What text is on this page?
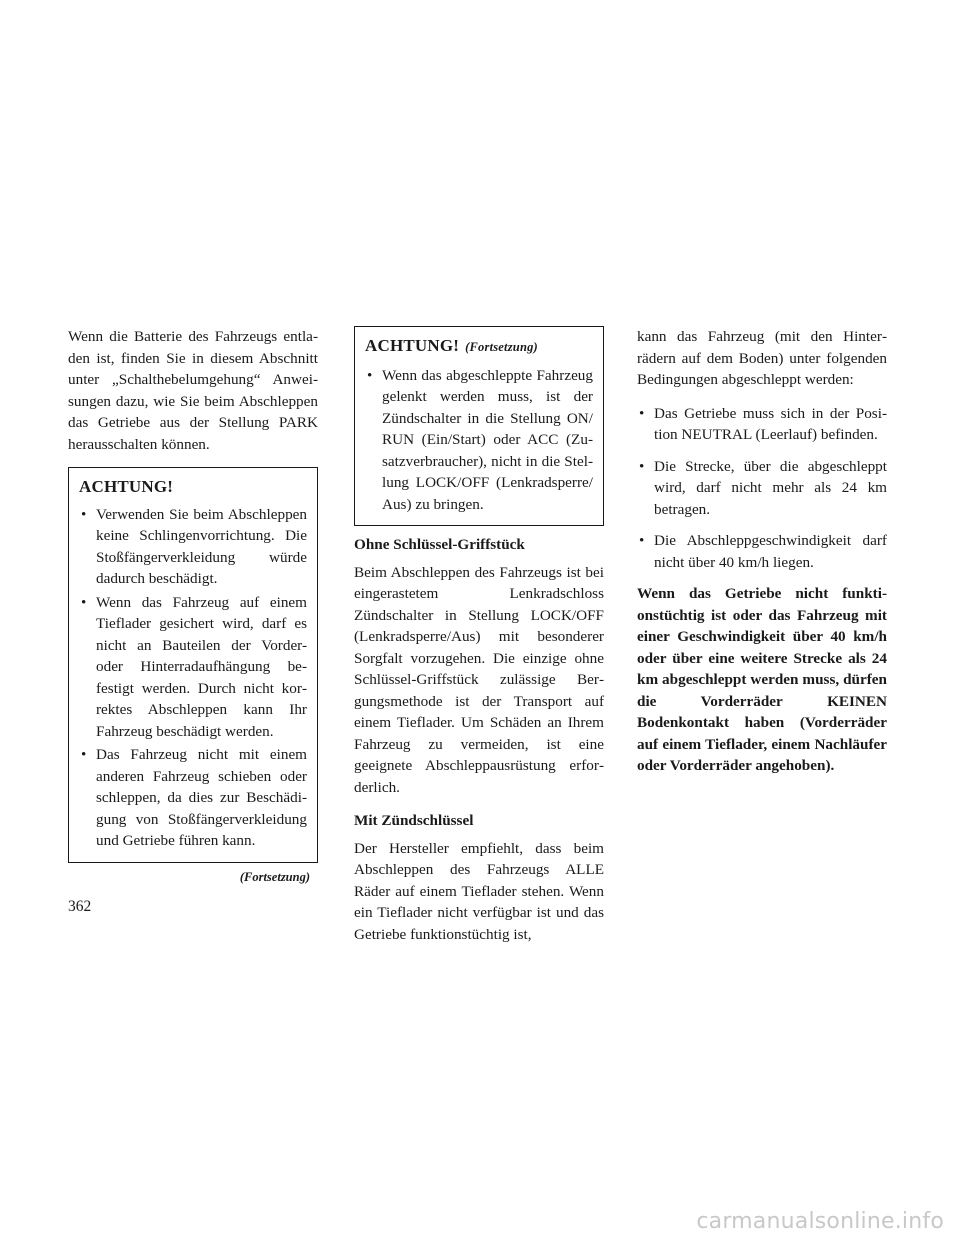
Wenn die Batterie des Fahrzeugs entladen ist, finden Sie in diesem Abschnitt unter „Schalthebelumgehung“ Anweisungen dazu, wie Sie beim Abschleppen das Getriebe aus der Stellung PARK herausschalten können.

ACHTUNG!
• Verwenden Sie beim Abschleppen keine Schlingenvorrichtung. Die Stoßfängerverkleidung würde dadurch beschädigt.
• Wenn das Fahrzeug auf einem Tieflader gesichert wird, darf es nicht an Bauteilen der Vorder- oder Hinterradaufhängung befestigt werden. Durch nicht korrektes Abschleppen kann Ihr Fahrzeug beschädigt werden.
• Das Fahrzeug nicht mit einem anderen Fahrzeug schieben oder schleppen, da dies zur Beschädigung von Stoßfängerverkleidung und Getriebe führen kann.
(Fortsetzung)
ACHTUNG! (Fortsetzung)
• Wenn das abgeschleppte Fahrzeug gelenkt werden muss, ist der Zündschalter in die Stellung ON/ RUN (Ein/Start) oder ACC (Zusatzverbraucher), nicht in die Stellung LOCK/OFF (Lenkradsperre/ Aus) zu bringen.
Ohne Schlüssel-Griffstück

Beim Abschleppen des Fahrzeugs ist bei eingerastetem Lenkradschloss Zündschalter in Stellung LOCK/OFF (Lenkradsperre/Aus) mit besonderer Sorgfalt vorzugehen. Die einzige ohne Schlüssel-Griffstück zulässige Bergungsmethode ist der Transport auf einem Tieflader. Um Schäden an Ihrem Fahrzeug zu vermeiden, ist eine geeignete Abschleppausrüstung erforderlich.

Mit Zündschlüssel

Der Hersteller empfiehlt, dass beim Abschleppen des Fahrzeugs ALLE Räder auf einem Tieflader stehen. Wenn ein Tieflader nicht verfügbar ist und das Getriebe funktionstüchtig ist,

kann das Fahrzeug (mit den Hinterrädern auf dem Boden) unter folgenden Bedingungen abgeschleppt werden:

• Das Getriebe muss sich in der Position NEUTRAL (Leerlauf) befinden.
• Die Strecke, über die abgeschleppt wird, darf nicht mehr als 24 km betragen.
• Die Abschleppgeschwindigkeit darf nicht über 40 km/h liegen.

Wenn das Getriebe nicht funktionstüchtig ist oder das Fahrzeug mit einer Geschwindigkeit über 40 km/h oder über eine weitere Strecke als 24 km abgeschleppt werden muss, dürfen die Vorderräder KEINEN Bodenkontakt haben (Vorderräder auf einem Tieflader, einem Nachläufer oder Vorderräder angehoben).

362
carmanualsonline.info
